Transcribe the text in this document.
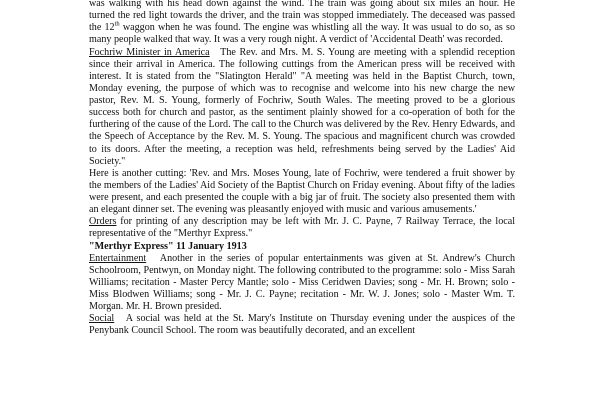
was walking with his head down against the wind. The train was going about six miles an hour. He turned the red light towards the driver, and the train was stopped immediately. The deceased was passed the 12th waggon when he was found. The engine was whistling all the way. It was usual to do so, as so many people walked that way. It was a very rough night. A verdict of 'Accidental Death' was recorded.

Fochriw Minister in America The Rev. and Mrs. M. S. Young are meeting with a splendid reception since their arrival in America. The following cuttings from the American press will be received with interest. It is stated from the "Slatington Herald" "A meeting was held in the Baptist Church, town, Monday evening, the purpose of which was to recognise and welcome into his new charge the new pastor, Rev. M. S. Young, formerly of Fochriw, South Wales. The meeting proved to be a glorious success both for church and pastor, as the sentiment plainly showed for a co-operation of both for the furthering of the cause of the Lord. The call to the Church was delivered by the Rev. Henry Edwards, and the Speech of Acceptance by the Rev. M. S. Young. The spacious and magnificent church was crowded to its doors. After the meeting, a reception was held, refreshments being served by the Ladies' Aid Society."

Here is another cutting: 'Rev. and Mrs. Moses Young, late of Fochriw, were tendered a fruit shower by the members of the Ladies' Aid Society of the Baptist Church on Friday evening. About fifty of the ladies were present, and each presented the couple with a big jar of fruit. The society also presented them with an elegant dinner set. The evening was pleasantly enjoyed with music and various amusements.'

Orders for printing of any description may be left with Mr. J. C. Payne, 7 Railway Terrace, the local representative of the "Merthyr Express."

"Merthyr Express" 11 January 1913

Entertainment Another in the series of popular entertainments was given at St. Andrew's Church Schoolroom, Pentwyn, on Monday night. The following contributed to the programme: solo - Miss Sarah Williams; recitation - Master Percy Mantle; solo - Miss Ceridwen Davies; song - Mr. H. Brown; solo - Miss Blodwen Williams; song - Mr. J. C. Payne; recitation - Mr. W. J. Jones; solo - Master Wm. T. Morgan. Mr. H. Brown presided.

Social A social was held at the St. Mary's Institute on Thursday evening under the auspices of the Penybank Council School. The room was beautifully decorated, and an excellent
